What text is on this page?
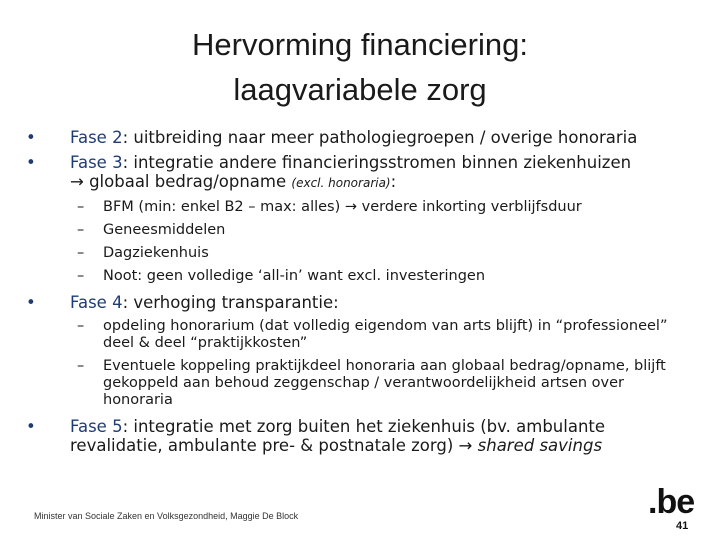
Hervorming financiering:
laagvariabele zorg
• Fase 2: uitbreiding naar meer pathologiegroepen / overige honoraria
• Fase 3: integratie andere financieringsstromen binnen ziekenhuizen
→ globaal bedrag/opname (excl. honoraria):
– BFM (min: enkel B2 – max: alles) → verdere inkorting verblijfsduur
– Geneesmiddelen
– Dagziekenhuis
– Noot: geen volledige ‘all-in’ want excl. investeringen
• Fase 4: verhoging transparantie:
– opdeling honorarium (dat volledig eigendom van arts blijft) in “professioneel” deel & deel “praktijkkosten”
– Eventuele koppeling praktijkdeel honoraria aan globaal bedrag/opname, blijft gekoppeld aan behoud zeggenschap / verantwoordelijkheid artsen over honoraria
• Fase 5: integratie met zorg buiten het ziekenhuis (bv. ambulante revalidatie, ambulante pre- & postnatale zorg) → shared savings
Minister van Sociale Zaken en Volksgezondheid, Maggie De Block	.be
41
